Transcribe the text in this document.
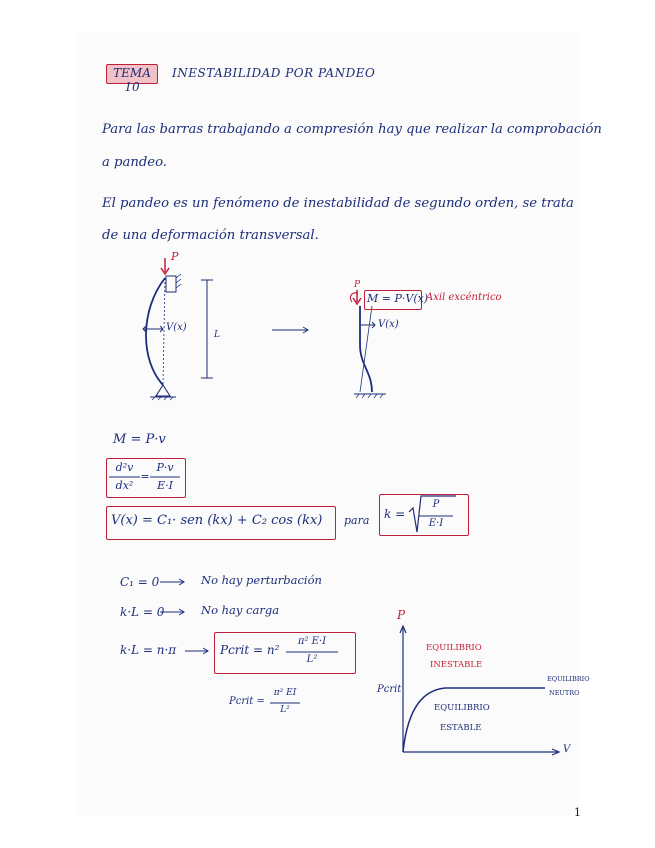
TEMA 10
INESTABILIDAD POR PANDEO
Para las barras trabajando a compresión hay que realizar la comprobación
a pandeo.
El pandeo es un fenómeno de inestabilidad de segundo orden, se trata
de una deformación transversal.
P
V(x)
L
P
M = P·V(x)
Axil excéntrico
V(x)
M = P·v
d²v
dx²
=
P·v
E·I
V(x) = C₁· sen (kx) + C₂ cos (kx) para k =
P
E·I
C₁ = 0	No hay perturbación
k·L = 0	No hay carga
k·L = n·π	Pcrit = n²
π² E·I
L²
Pcrit =
π² EI
L²
P
V
Pcrit
EQUILIBRIO
INESTABLE
EQUILIBRIO
ESTABLE
EQUILIBRIO
NEUTRO
1
